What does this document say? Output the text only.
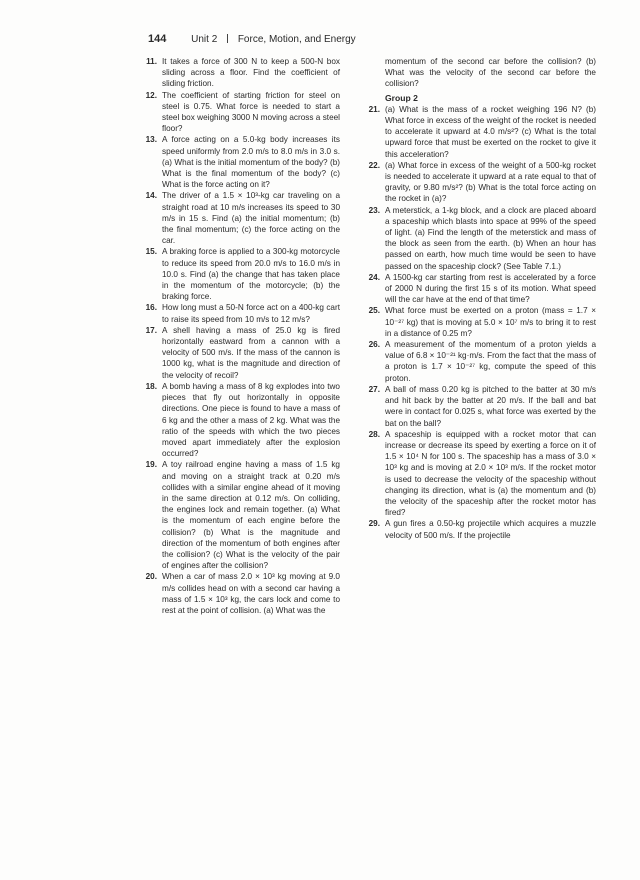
144 Unit 2 Force, Motion, and Energy
11. It takes a force of 300 N to keep a 500-N box sliding across a floor. Find the coefficient of sliding friction.

12. The coefficient of starting friction for steel on steel is 0.75. What force is needed to start a steel box weighing 3000 N moving across a steel floor?

13. A force acting on a 5.0-kg body increases its speed uniformly from 2.0 m/s to 8.0 m/s in 3.0 s. (a) What is the initial momentum of the body? (b) What is the final momentum of the body? (c) What is the force acting on it?

14. The driver of a 1.5 × 10³-kg car traveling on a straight road at 10 m/s increases its speed to 30 m/s in 15 s. Find (a) the initial momentum; (b) the final momentum; (c) the force acting on the car.

15. A braking force is applied to a 300-kg motorcycle to reduce its speed from 20.0 m/s to 16.0 m/s in 10.0 s. Find (a) the change that has taken place in the momentum of the motorcycle; (b) the braking force.

16. How long must a 50-N force act on a 400-kg cart to raise its speed from 10 m/s to 12 m/s?

17. A shell having a mass of 25.0 kg is fired horizontally eastward from a cannon with a velocity of 500 m/s. If the mass of the cannon is 1000 kg, what is the magnitude and direction of the velocity of recoil?

18. A bomb having a mass of 8 kg explodes into two pieces that fly out horizontally in opposite directions. One piece is found to have a mass of 6 kg and the other a mass of 2 kg. What was the ratio of the speeds with which the two pieces moved apart immediately after the explosion occurred?

19. A toy railroad engine having a mass of 1.5 kg and moving on a straight track at 0.20 m/s collides with a similar engine ahead of it moving in the same direction at 0.12 m/s. On colliding, the engines lock and remain together. (a) What is the momentum of each engine before the collision? (b) What is the magnitude and direction of the momentum of both engines after the collision? (c) What is the velocity of the pair of engines after the collision?

20. When a car of mass 2.0 × 10³ kg moving at 9.0 m/s collides head on with a second car having a mass of 1.5 × 10³ kg, the cars lock and come to rest at the point of collision. (a) What was the

momentum of the second car before the collision? (b) What was the velocity of the second car before the collision?

Group 2

21. (a) What is the mass of a rocket weighing 196 N? (b) What force in excess of the weight of the rocket is needed to accelerate it upward at 4.0 m/s²? (c) What is the total upward force that must be exerted on the rocket to give it this acceleration?

22. (a) What force in excess of the weight of a 500-kg rocket is needed to accelerate it upward at a rate equal to that of gravity, or 9.80 m/s²? (b) What is the total force acting on the rocket in (a)?

23. A meterstick, a 1-kg block, and a clock are placed aboard a spaceship which blasts into space at 99% of the speed of light. (a) Find the length of the meterstick and mass of the block as seen from the earth. (b) When an hour has passed on earth, how much time would be seen to have passed on the spaceship clock? (See Table 7.1.)

24. A 1500-kg car starting from rest is accelerated by a force of 2000 N during the first 15 s of its motion. What speed will the car have at the end of that time?

25. What force must be exerted on a proton (mass = 1.7 × 10⁻²⁷ kg) that is moving at 5.0 × 10⁷ m/s to bring it to rest in a distance of 0.25 m?

26. A measurement of the momentum of a proton yields a value of 6.8 × 10⁻²¹ kg·m/s. From the fact that the mass of a proton is 1.7 × 10⁻²⁷ kg, compute the speed of this proton.

27. A ball of mass 0.20 kg is pitched to the batter at 30 m/s and hit back by the batter at 20 m/s. If the ball and bat were in contact for 0.025 s, what force was exerted by the bat on the ball?

28. A spaceship is equipped with a rocket motor that can increase or decrease its speed by exerting a force on it of 1.5 × 10⁴ N for 100 s. The spaceship has a mass of 3.0 × 10³ kg and is moving at 2.0 × 10³ m/s. If the rocket motor is used to decrease the velocity of the spaceship without changing its direction, what is (a) the momentum and (b) the velocity of the spaceship after the rocket motor has fired?

29. A gun fires a 0.50-kg projectile which acquires a muzzle velocity of 500 m/s. If the projectile
